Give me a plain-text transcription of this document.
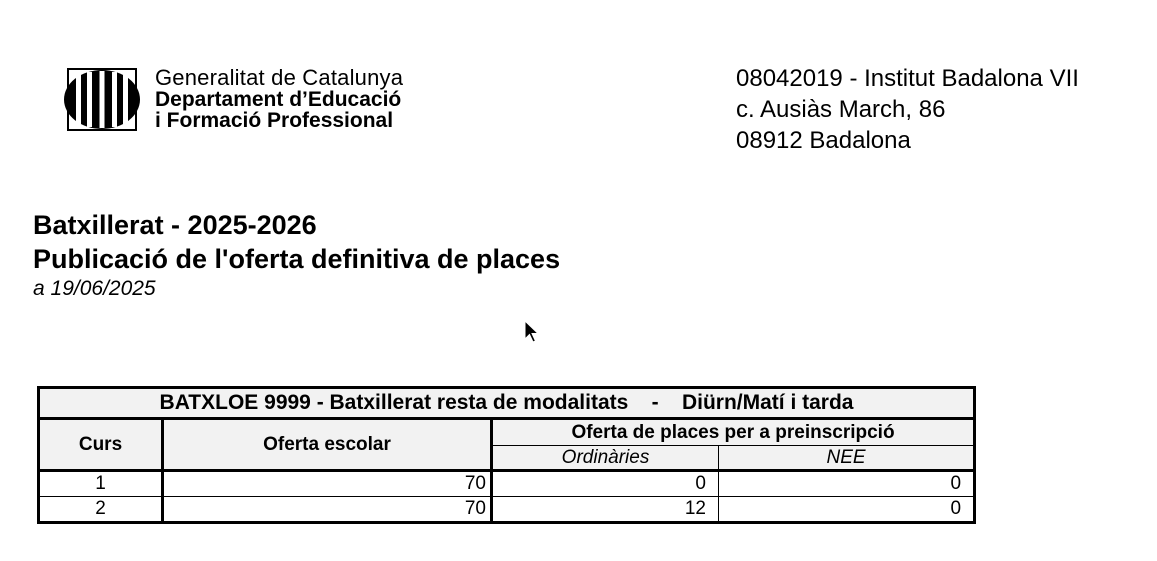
Generalitat de Catalunya
Departament d’Educació
i Formació Professional
08042019 - Institut Badalona VII
c. Ausiàs March, 86
08912 Badalona
Batxillerat - 2025-2026
Publicació de l'oferta definitiva de places
a 19/06/2025
BATXLOE 9999 - Batxillerat resta de modalitats    -    Diürn/Matí i tarda			
Curs	Oferta escolar	Oferta de places per a preinscripció	
		Ordinàries	NEE
1	70	0	0
2	70	12	0
